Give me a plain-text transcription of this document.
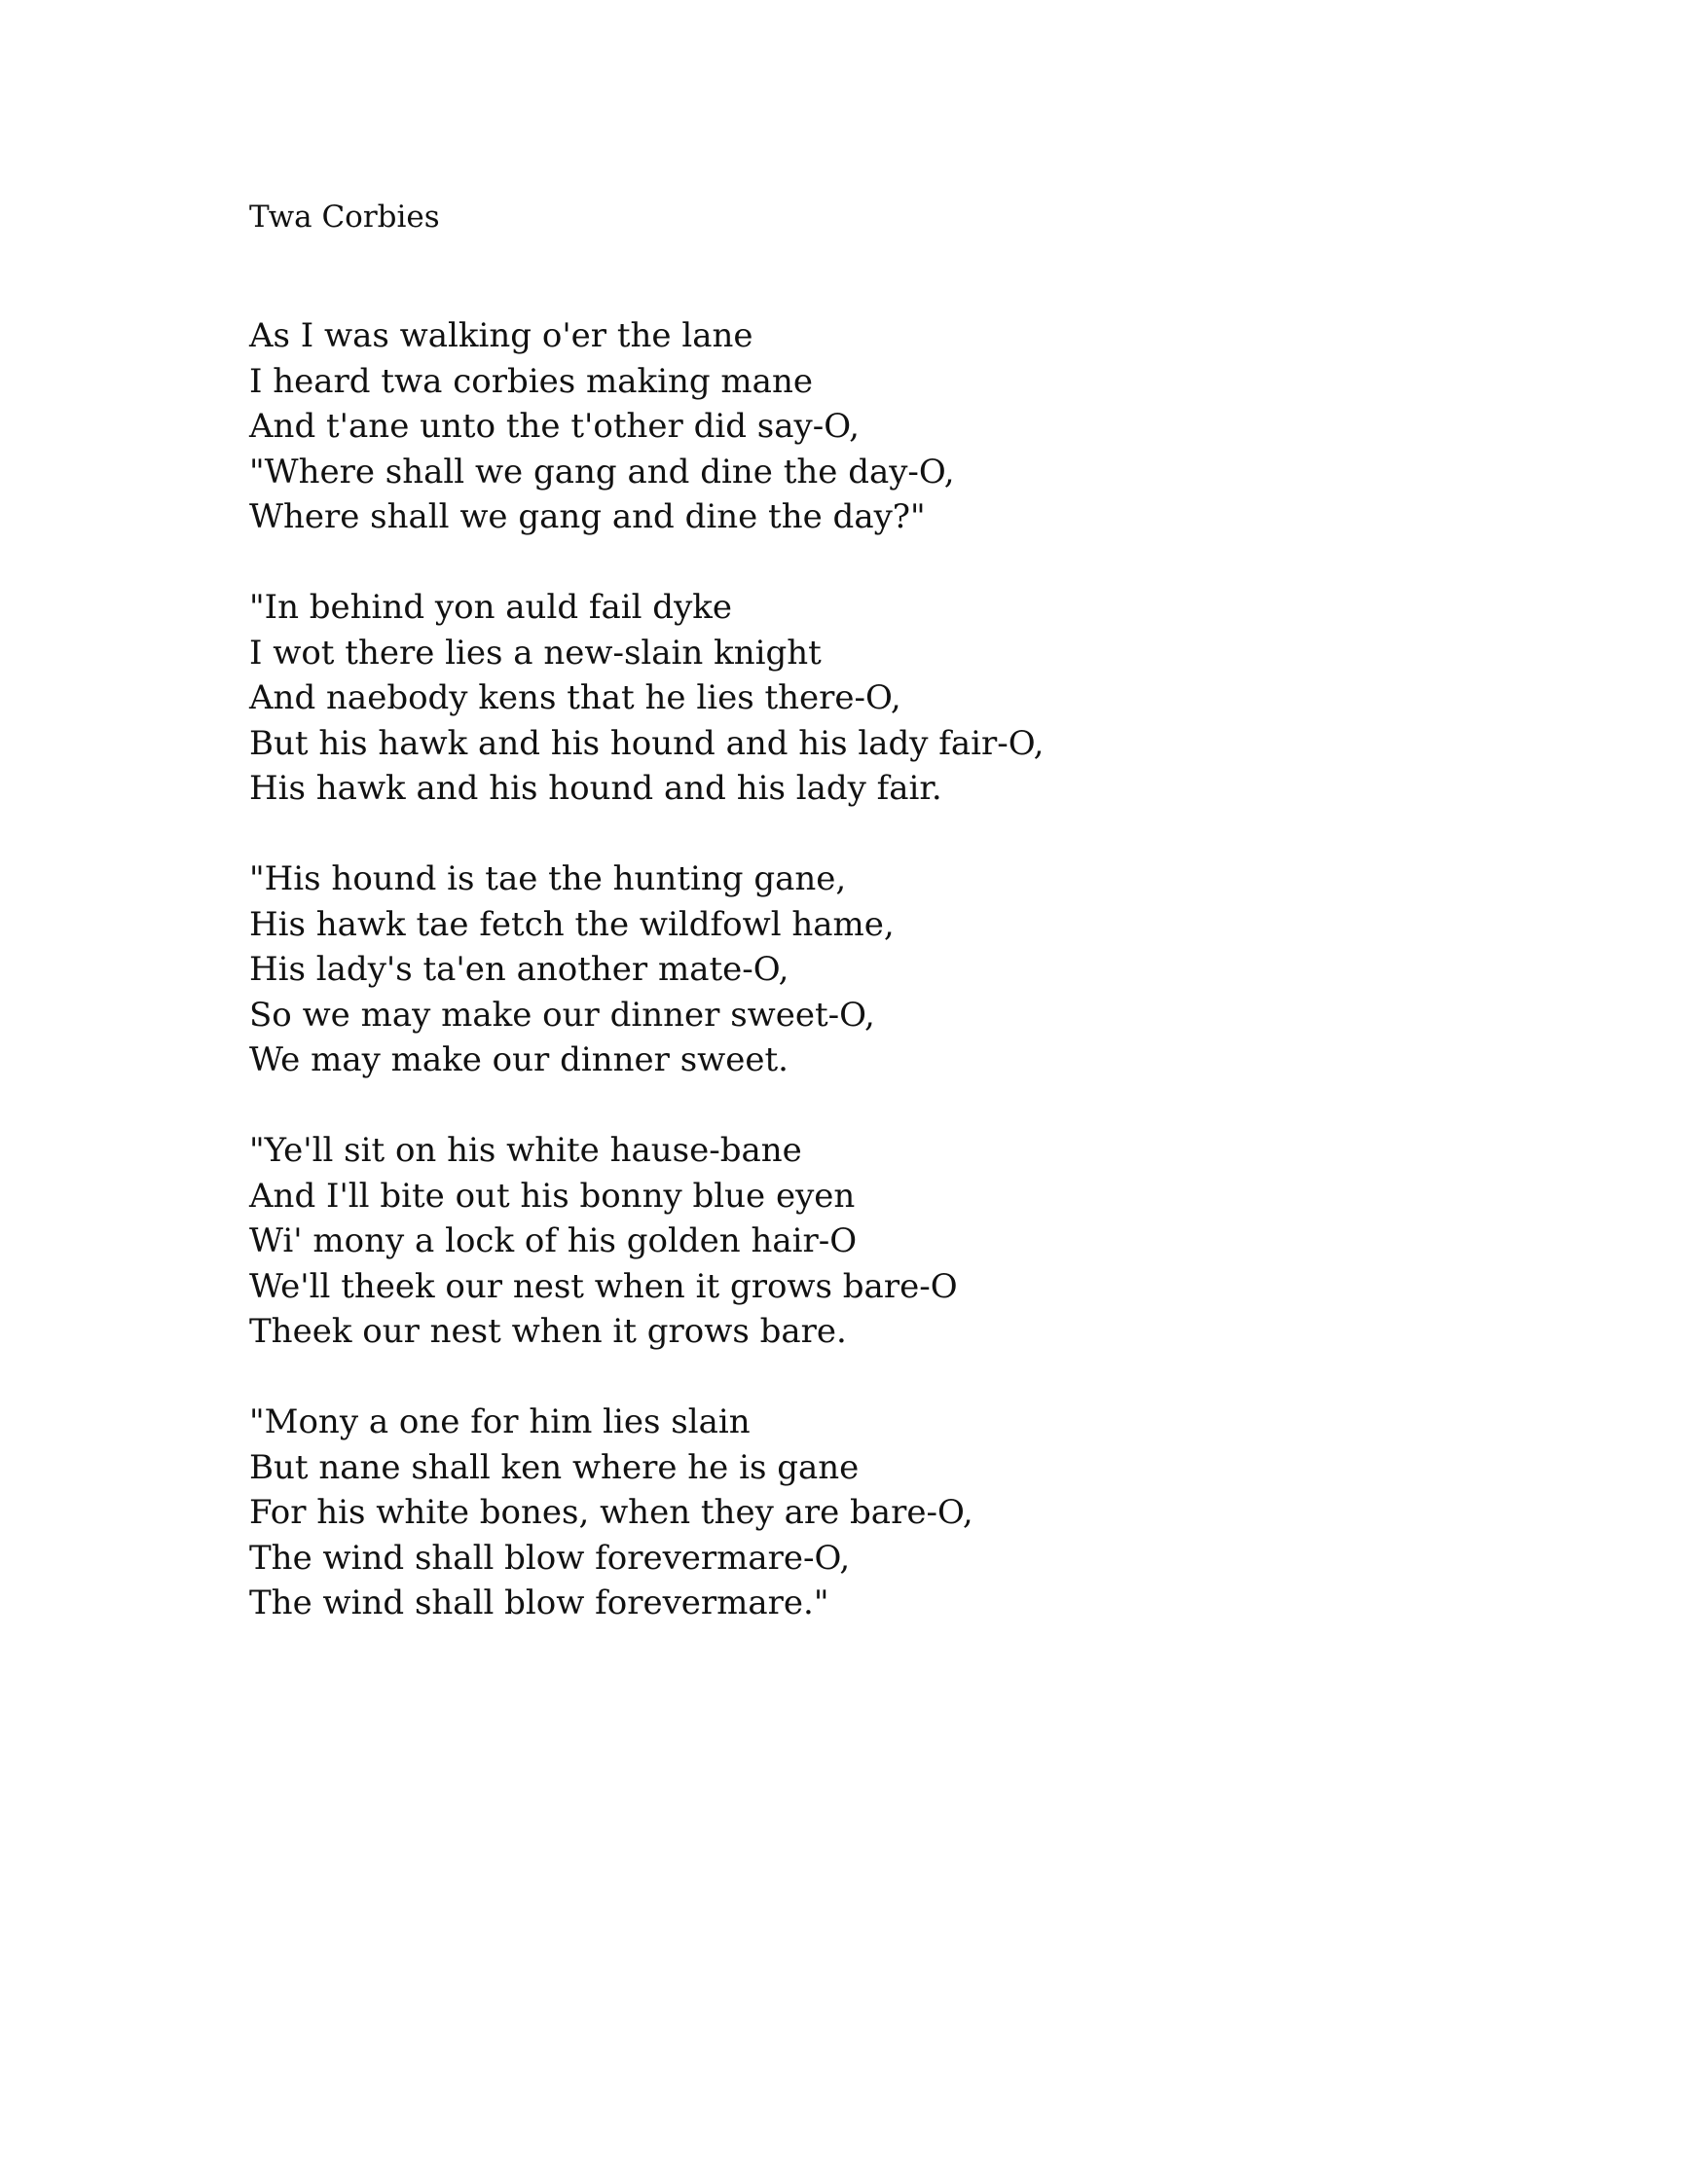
Twa Corbies
As I was walking o'er the lane
I heard twa corbies making mane
And t'ane unto the t'other did say-O,
"Where shall we gang and dine the day-O,
Where shall we gang and dine the day?"
"In behind yon auld fail dyke
I wot there lies a new-slain knight
And naebody kens that he lies there-O,
But his hawk and his hound and his lady fair-O,
His hawk and his hound and his lady fair.
"His hound is tae the hunting gane,
His hawk tae fetch the wildfowl hame,
His lady's ta'en another mate-O,
So we may make our dinner sweet-O,
We may make our dinner sweet.
"Ye'll sit on his white hause-bane
And I'll bite out his bonny blue eyen
Wi' mony a lock of his golden hair-O
We'll theek our nest when it grows bare-O
Theek our nest when it grows bare.
"Mony a one for him lies slain
But nane shall ken where he is gane
For his white bones, when they are bare-O,
The wind shall blow forevermare-O,
The wind shall blow forevermare."
